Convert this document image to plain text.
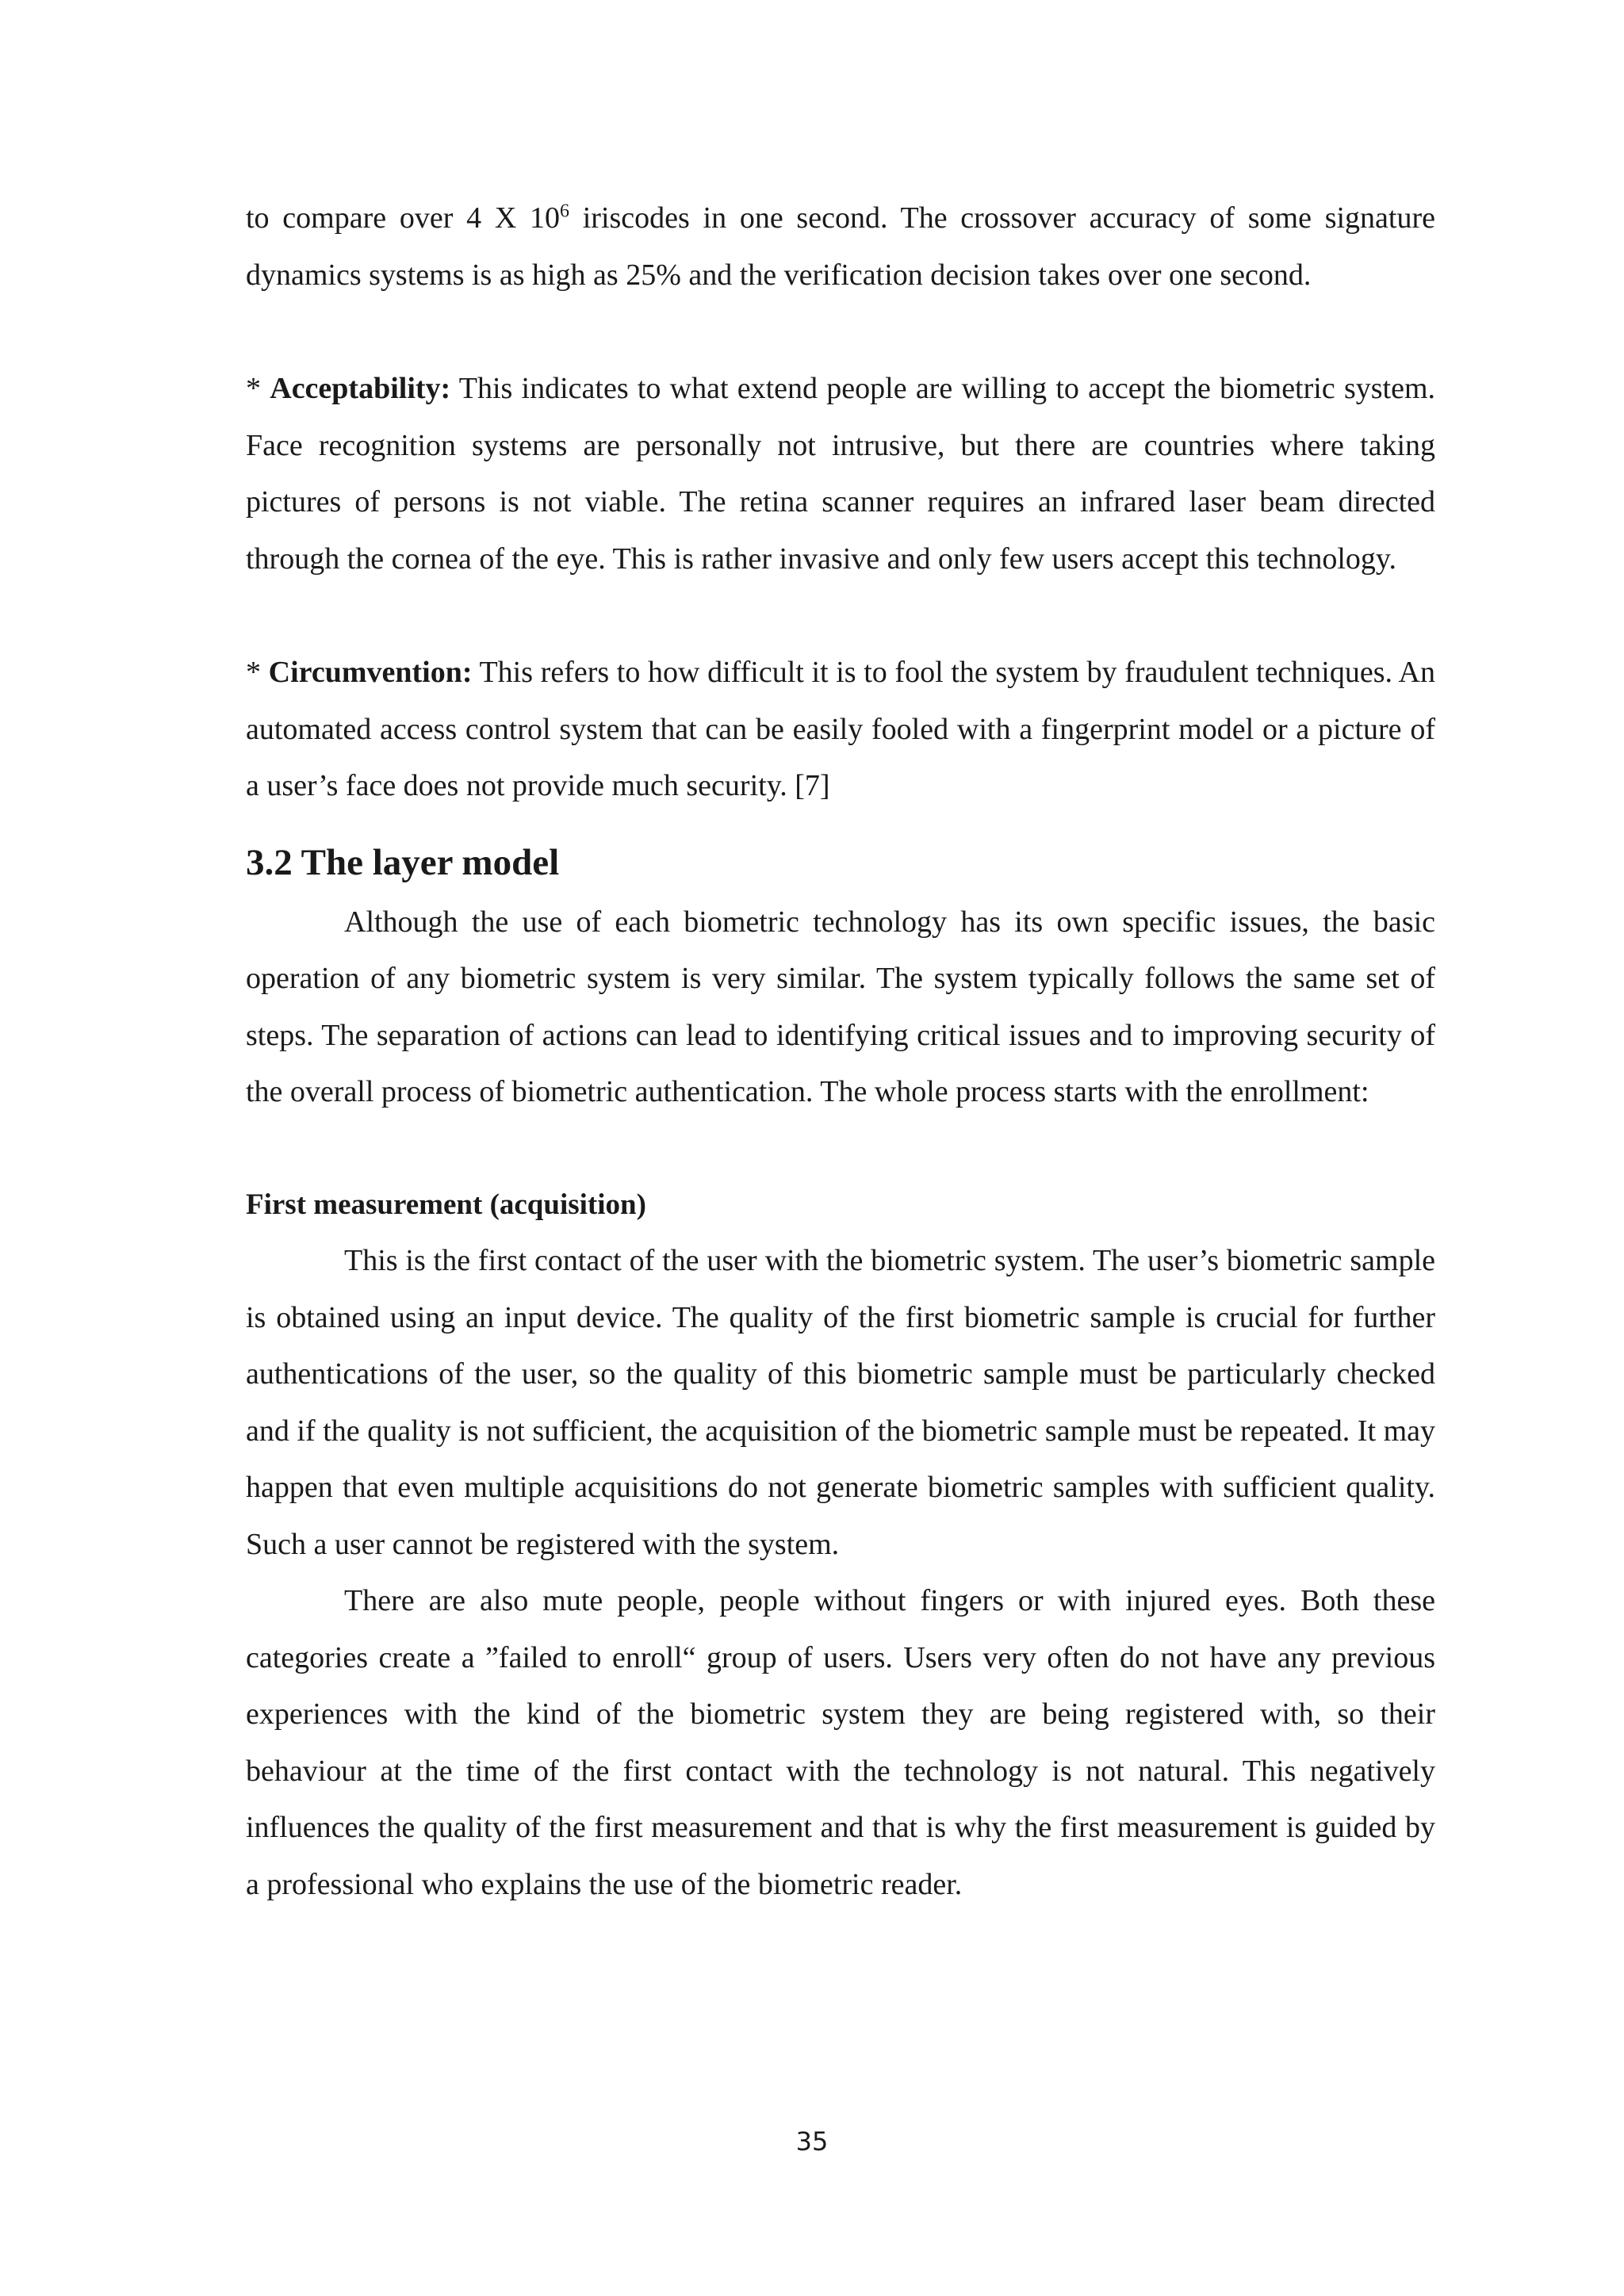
to compare over 4 X $10^6$ iriscodes in one second. The crossover accuracy of some signature dynamics systems is as high as 25% and the verification decision takes over one second.

* Acceptability: This indicates to what extend people are willing to accept the biometric system. Face recognition systems are personally not intrusive, but there are countries where taking pictures of persons is not viable. The retina scanner requires an infrared laser beam directed through the cornea of the eye. This is rather invasive and only few users accept this technology.

* Circumvention: This refers to how difficult it is to fool the system by fraudulent techniques. An automated access control system that can be easily fooled with a fingerprint model or a picture of a user’s face does not provide much security. [7]

3.2 The layer model

Although the use of each biometric technology has its own specific issues, the basic operation of any biometric system is very similar. The system typically follows the same set of steps. The separation of actions can lead to identifying critical issues and to improving security of the overall process of biometric authentication. The whole process starts with the enrollment:

First measurement (acquisition)

This is the first contact of the user with the biometric system. The user’s biometric sample is obtained using an input device. The quality of the first biometric sample is crucial for further authentications of the user, so the quality of this biometric sample must be particularly checked and if the quality is not sufficient, the acquisition of the biometric sample must be repeated. It may happen that even multiple acquisitions do not generate biometric samples with sufficient quality. Such a user cannot be registered with the system.

There are also mute people, people without fingers or with injured eyes. Both these categories create a ”failed to enroll“ group of users. Users very often do not have any previous experiences with the kind of the biometric system they are being registered with, so their behaviour at the time of the first contact with the technology is not natural. This negatively influences the quality of the first measurement and that is why the first measurement is guided by a professional who explains the use of the biometric reader.

35
